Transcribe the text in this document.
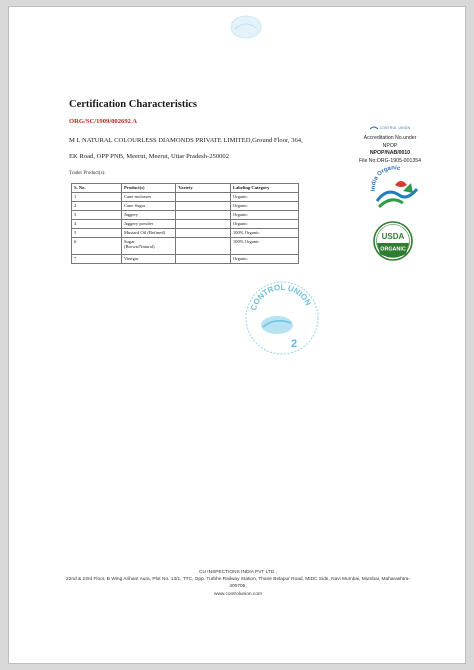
Certification Characteristics
ORG/SC/1909/002692 A
M L NATURAL COLOURLESS DIAMONDS PRIVATE LIMITED,Ground Floor, 364,
EK Road, OPP PNB, Meerut, Meerut, Uttar Pradesh-250002
Trader Product(s):
S. No.	Product(s)	Variety	Labeling Category
1	Cane molasses		Organic
2	Cane Sugar		Organic
3	Jaggery		Organic
4	Jaggery powder		Organic
5	Mustard Oil (Refined)		100% Organic
6	Sugar
(Brown/Natural)		100% Organic
7	Vinegar		Organic
CONTROL UNION
Accreditation No.under
NPOP
NPOP/NAB/0010
File No:ORG-1905-001354
India Organic
USDA
ORGANIC
CONTROL UNION
2
CU INSPECTIONS INDIA PVT LTD.,
22nd & 23rd Floor, B Wing Arihant Aura, Plot No. 13/1, TTC, Opp. Turbhe Railway Station, Thane Belapur Road, MIDC Side, Navi Mumbai, Mumbai, Maharashtra-
400705,
www.controlunion.com
